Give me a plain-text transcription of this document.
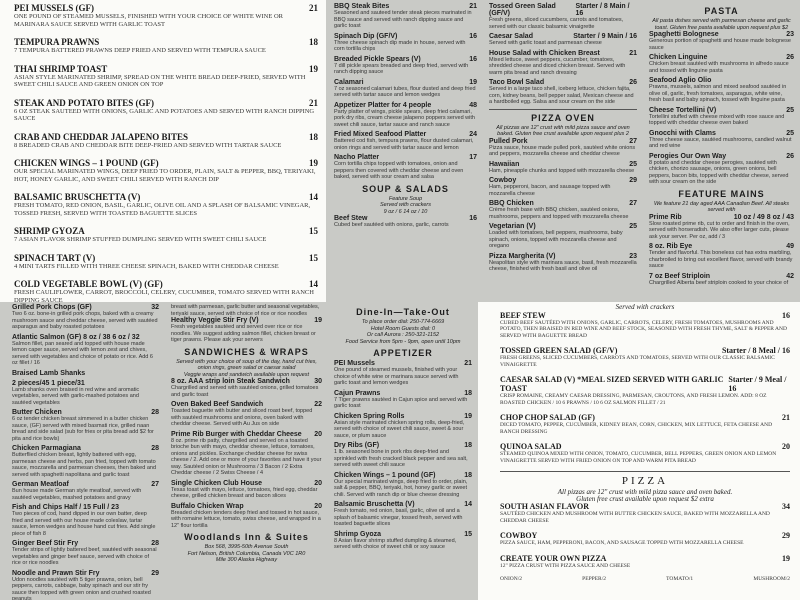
PEI MUSSELS (GF)	21
ONE POUND OF STEAMED MUSSELS, FINISHED WITH YOUR CHOICE OF WHITE WINE OR MARINARA SAUCE SERVED WITH GARLIC TOAST
TEMPURA PRAWNS	18
7 TEMPURA BATTERED PRAWNS DEEP FRIED AND SERVED WITH TEMPURA SAUCE
THAI SHRIMP TOAST	19
ASIAN STYLE MARINATED SHRIMP, SPREAD ON THE WHITE BREAD DEEP-FRIED, SERVED WITH SWEET CHILI SAUCE AND GREEN ONION ON TOP
STEAK AND POTATO BITES (GF)	21
6 OZ STEAK SAUTEED WITH ONIONS, GARLIC AND POTATOES AND SERVED WITH RANCH DIPPING SAUCE
CRAB AND CHEDDAR JALAPENO BITES	18
8 BREADED CRAB AND CHEDDAR BITE DEEP-FRIED AND SERVED WITH TARTAR SAUCE
CHICKEN WINGS – 1 POUND (GF)	19
OUR SPECIAL MARINATED WINGS, DEEP FRIED TO ORDER, PLAIN, SALT & PEPPER, BBQ, TERIYAKI, HOT, HONEY GARLIC, AND SWEET CHILI SERVED WITH RANCH DIP
BALSAMIC BRUSCHETTA (V)	14
FRESH TOMATO, RED ONION, BASIL, GARLIC, OLIVE OIL AND A SPLASH OF BALSAMIC VINEGAR, TOSSED FRESH, SERVED WITH TOASTED BAGUETTE SLICES
SHRIMP GYOZA	15
7 ASIAN FLAVOR SHRIMP STUFFED DUMPLING SERVED WITH SWEET CHILI SAUCE
SPINACH TART (V)	15
4 MINI TARTS FILLED WITH THREE CHEESE SPINACH, BAKED WITH CHEDDAR CHEESE
COLD VEGETABLE BOWL (V) (GF)	14
FRESH CAULIFLOWER, CARROT, BROCCOLI, CELERY, CUCUMBER, TOMATO SERVED WITH RANCH DIPPING SAUCE
BBQ Steak Bites	21
Seasoned and sauteed tender steak pieces marinated in BBQ sauce and served with ranch dipping sauce and garlic toast
Spinach Dip (GF/V)	16
Three cheese spinach dip made in house, served with corn tortilla chips
Breaded Pickle Spears (V)	16
7 dill pickle spears breaded and deep fried, served with ranch dipping sauce
Calamari	19
7 oz seasoned calamari tubes, flour dusted and deep fried served with tartar sauce and lemon wedges
Appetizer Platter for 4 people	48
Party platter of wings, pickle spears, deep fried calamari, pork dry ribs, cream cheese jalapeno poppers served with sweet chili sauce, tartar sauce and ranch sauce
Fried Mixed Seafood Platter	24
Battered cod fish, tempura prawns, flour dusted calamari, onion rings and served with tartar sauce and lemon
Nacho Platter	17
Corn tortilla chips topped with tomatoes, onion and peppers then covered with cheddar cheese and oven baked, served with sour cream and salsa
SOUP & SALADS
Feature Soup
Served with crackers
9 oz / 6 14 oz / 10
Beef Stew	16
Cubed beef sautéed with onions, garlic, carrots
Tossed Green Salad (GF/V)
Starter / 8 Main / 16
Fresh greens, sliced cucumbers, carrots and tomatoes, served with our classic balsamic vinaigrette
Caesar Salad	Starter / 9 Main / 16
Served with garlic toast and parmesan cheese
House Salad with Chicken Breast	21
Mixed lettuce, sweet peppers, cucumber, tomatoes, shredded cheese and diced chicken breast. Served with warm pita bread and ranch dressing
Taco Bowl Salad	26
Served in a large taco shell, iceberg lettuce, chicken fajita, corn, kidney beans, bell pepper salad, Mexican cheese and a hardboiled egg. Salsa and sour cream on the side
PIZZA OVEN
All pizzas are 12" crust with mild pizza sauce and oven baked. Gluten free crust available upon request plus 2
Pulled Pork	27
Pizza sauce, house made pulled pork, sautéed white onions and peppers, mozzarella cheese and cheddar cheese
Hawaiian	25
Ham, pineapple chunks and topped with mozzarella cheese
Cowboy	29
Ham, pepperoni, bacon, and sausage topped with mozzarella cheese
BBQ Chicken	27
Crème fresh base with BBQ chicken, sautéed onions, mushrooms, peppers and topped with mozzarella cheese
Vegetarian (V)	25
Loaded with tomatoes, bell peppers, mushrooms, baby spinach, onions, topped with mozzarella cheese and oregano
Pizza Margherita (V)	23
Neapolitan style with marinara sauce, basil, fresh mozzarella cheese, finished with fresh basil and olive oil
PASTA
All pasta dishes served with parmesan cheese and garlic toast. Gluten free pasta available upon request plus $2
Spaghetti Bolognese	23
Generous portion of spaghetti and house made bolognese sauce
Chicken Linguine	26
Chicken breast sautéed with mushrooms in alfredo sauce and tossed with linguine pasta
Seafood Aglio Olio
Prawns, mussels, salmon and mixed seafood sautéed in olive oil, garlic, fresh tomatoes, asparagus, white wine, fresh basil and baby spinach, tossed with linguine pasta
Cheese Tortellini (V)	25
Tortellini stuffed with cheese mixed with rose sauce and topped with cheddar cheese oven baked
Gnocchi with Clams	25
Three cheese sauce, sautéed mushrooms, candied walnut and red wine
Perogies Our Own Way	26
8 potato and cheddar cheese perogies, sautéed with chicken, chorizo sausage, onions, green onions, bell peppers, bacon bits, topped with cheddar cheese, served with sour cream on the side
FEATURE MAINS
We feature 21 day aged AAA Canadian Beef. All steaks served with
Prime Rib	10 oz / 49 8 oz / 43
Slow roasted prime rib, cut to order and finish in the oven, served with horseradish. We also offer larger cuts, please ask your server. Per oz, add / 3
8 oz. Rib Eye	49
Tender and flavorful. This boneless cut has extra marbling, charbroiled to bring out excellent flavor, served with brandy sauce
7 oz Beef Striploin	42
Chargrilled Alberta beef striploin cooked to your choice of
Grilled Pork Chops (GF)	32
Two 6 oz. bone-in grilled pork chops, baked with a creamy mushroom sauce and cheddar cheese, served with sautéed asparagus and baby roasted potatoes
Atlantic Salmon (GF) 8 oz / 38 6 oz / 32
Salmon fillet, pan seared and topped with house made lemon caper sauce, served with lemon zest and chives, served with vegetables and choice of potato or rice. Add 6 oz fillet / 16
Braised Lamb Shanks
2 pieces/45 1 piece/31
Lamb shanks oven braised in red wine and aromatic vegetables, served with garlic-mashed potatoes and sautéed vegetables
Butter Chicken	28
6 oz tender chicken breast simmered in a butter chicken sauce, (GF) served with mixed basmati rice, grilled naan bread and side salad (sub for fries or pita bread add $2 for pita and rice bowls)
Chicken Parmagiana	28
Butterflied chicken breast, lightly battered with egg, parmesan cheese and herbs, pan fried, topped with tomato sauce, mozzarella and parmesan cheeses, then baked and served with spaghetti napolitana and garlic toast
German Meatloaf	27
Bun house made German style meatloaf, served with sautéed vegetables, mashed potatoes and gravy
Fish and Chips Half / 15 Full / 23
Two pieces of cod, hand dipped in our own batter, deep fried and served with our house made coleslaw, tartar sauce, lemon wedges and house hand cut fries. Add single piece of fish 8
Ginger Beef Stir Fry	28
Tender strips of lightly battered beef, sautéed with seasonal vegetables and ginger beef sauce, served with choice of rice or rice noodles
Noodle and Prawn Stir Fry	29
Udon noodles sautéed with 5 tiger prawns, onion, bell peppers, carrots, cabbage, baby spinach and our stir fry sauce then topped with green onion and crushed roasted peanuts
breast with parmesan, garlic butter and seasonal vegetables, teriyaki sauce, served with choice of rice or rice noodles
Healthy Veggie Stir Fry (V)	19
Fresh vegetables sautéed and served over rice or rice noodles. We suggest adding salmon fillet, chicken breast or tiger prawns. Please ask your servers
SANDWICHES & WRAPS
Served with your choice of soup of the day, hand cut fries, onion rings, green salad or caesar salad
Veggie wraps and sandwich available upon request
8 oz. AAA strip loin Steak Sandwich	30
Chargrilled and served with sautéed onions, grilled tomatoes and garlic toast
Oven Baked Beef Sandwich	22
Toasted baguette with butter and sliced roast beef, topped with sautéed mushrooms and onions, oven baked with cheddar cheese. Served with Au Jus on side
Prime Rib Burger with Cheddar Cheese 20
8 oz. prime rib patty, chargrilled and served on a toasted brioche bun with mayo, cheddar cheese, lettuce, tomatoes, onions and pickles. Exchange cheddar cheese for swiss cheese / 2. Add one or more of your favorites and have it your way. Sautéed onion or Mushrooms / 3 Bacon / 2 Extra Cheddar cheese / 2 Swiss Cheese / 4
Single Chicken Club House	20
Texas toast with mayo, lettuce, tomatoes, fried egg, cheddar cheese, grilled chicken breast and bacon slices
Buffalo Chicken Wrap	20
Breaded chicken tenders deep fried and tossed in hot sauce, with romaine lettuce, tomato, swiss cheese, and wrapped in a 12" flour tortilla
Woodlands Inn & Suites
Box 568, 3995-50th Avenue South
Fort Nelson, British Columbia, Canada V0C 1R0
Mile 300 Alaska Highway
Dine-In—Take-Out
To place order dial: 250-774-6669
Hotel Room Guests dial: 0
Or call Aurora : 250-321-1152
Food Service from 5pm - 9pm, open until 10pm
APPETIZER
PEI Mussels	21
One pound of steamed mussels, finished with your choice of white wine or marinara sauce served with garlic toast and lemon wedges
Cajun Prawns	18
7 Tiger prawns sautéed in Cajun spice and served with garlic toast
Chicken Spring Rolls	19
Asian style marinated chicken spring rolls, deep-fried, served with choice of sweet chili sauce, sweet & sour sauce, or plum sauce
Dry Ribs (GF)	18
1 lb. seasoned bone in pork ribs deep-fried and sprinkled with fresh cracked black pepper and sea salt, served with sweet chili sauce
Chicken Wings – 1 pound (GF)	18
Our special marinated wings, deep fried to order, plain, salt & pepper, BBQ, teriyaki, hot, honey garlic or sweet chili. Served with ranch dip or blue cheese dressing
Balsamic Bruschetta (V)	14
Fresh tomato, red onion, basil, garlic, olive oil and a splash of balsamic vinegar, tossed fresh, served with toasted baguette slices
Shrimp Gyoza	15
8 Asian flavor shrimp stuffed dumpling & steamed, served with choice of sweet chili or soy sauce
Served with crackers
BEEF STEW	16
CUBED BEEF SAUTÉED WITH ONIONS, GARLIC, CARROTS, CELERY, FRESH TOMATOES, MUSHROOMS AND POTATO, THEN BRAISED IN RED WINE AND BEEF STOCK, SEASONED WITH FRESH THYME, SALT & PEPPER AND SERVED WITH BAGUETTE BREAD
TOSSED GREEN SALAD (GF/V)	Starter / 8 Meal / 16
FRESH GREENS, SLICED CUCUMBERS, CARROTS AND TOMATOES, SERVED WITH OUR CLASSIC BALSAMIC VINAIGRETTE
CAESAR SALAD (V) *MEAL SIZED SERVED WITH GARLIC TOAST
Starter / 9 Meal / 16
CRISP ROMAINE, CREAMY CAESAR DRESSING, PARMESAN, CROUTONS, AND FRESH LEMON. ADD: 8 OZ ROASTED CHICKEN / 10 6 PRAWNS / 10 6 OZ SALMON FILLET / 21
CHOP CHOP SALAD (GF)	21
DICED TOMATO, PEPPER, CUCUMBER, KIDNEY BEAN, CORN, CHICKEN, MIX LETTUCE, FETA CHEESE AND RANCH DRESSING
QUINOA SALAD	20
STEAMED QUINOA MIXED WITH ONION, TOMATO, CUCUMBER, BELL PEPPERS, GREEN ONION AND LEMON VINAIGRETTE SERVED WITH FRIED ONION ON TOP AND WARM PITA BREAD
PIZZA
All pizzas are 12" crust with mild pizza sauce and oven baked.
Gluten free crust available upon request $2 extra
SOUTH ASIAN FLAVOR	34
SAUTÉED CHICKEN AND MUSHROOM WITH BUTTER CHICKEN SAUCE, BAKED WITH MOZZARELLA AND CHEDDAR CHEESE
COWBOY	29
PIZZA SAUCE, HAM, PEPPERONI, BACON, AND SAUSAGE TOPPED WITH MOZZARELLA CHEESE
CREATE YOUR OWN PIZZA	19
12" PIZZA CRUST WITH PIZZA SAUCE AND CHEESE
ONION/2	PEPPER/2	TOMATO/1	MUSHROOM/2
